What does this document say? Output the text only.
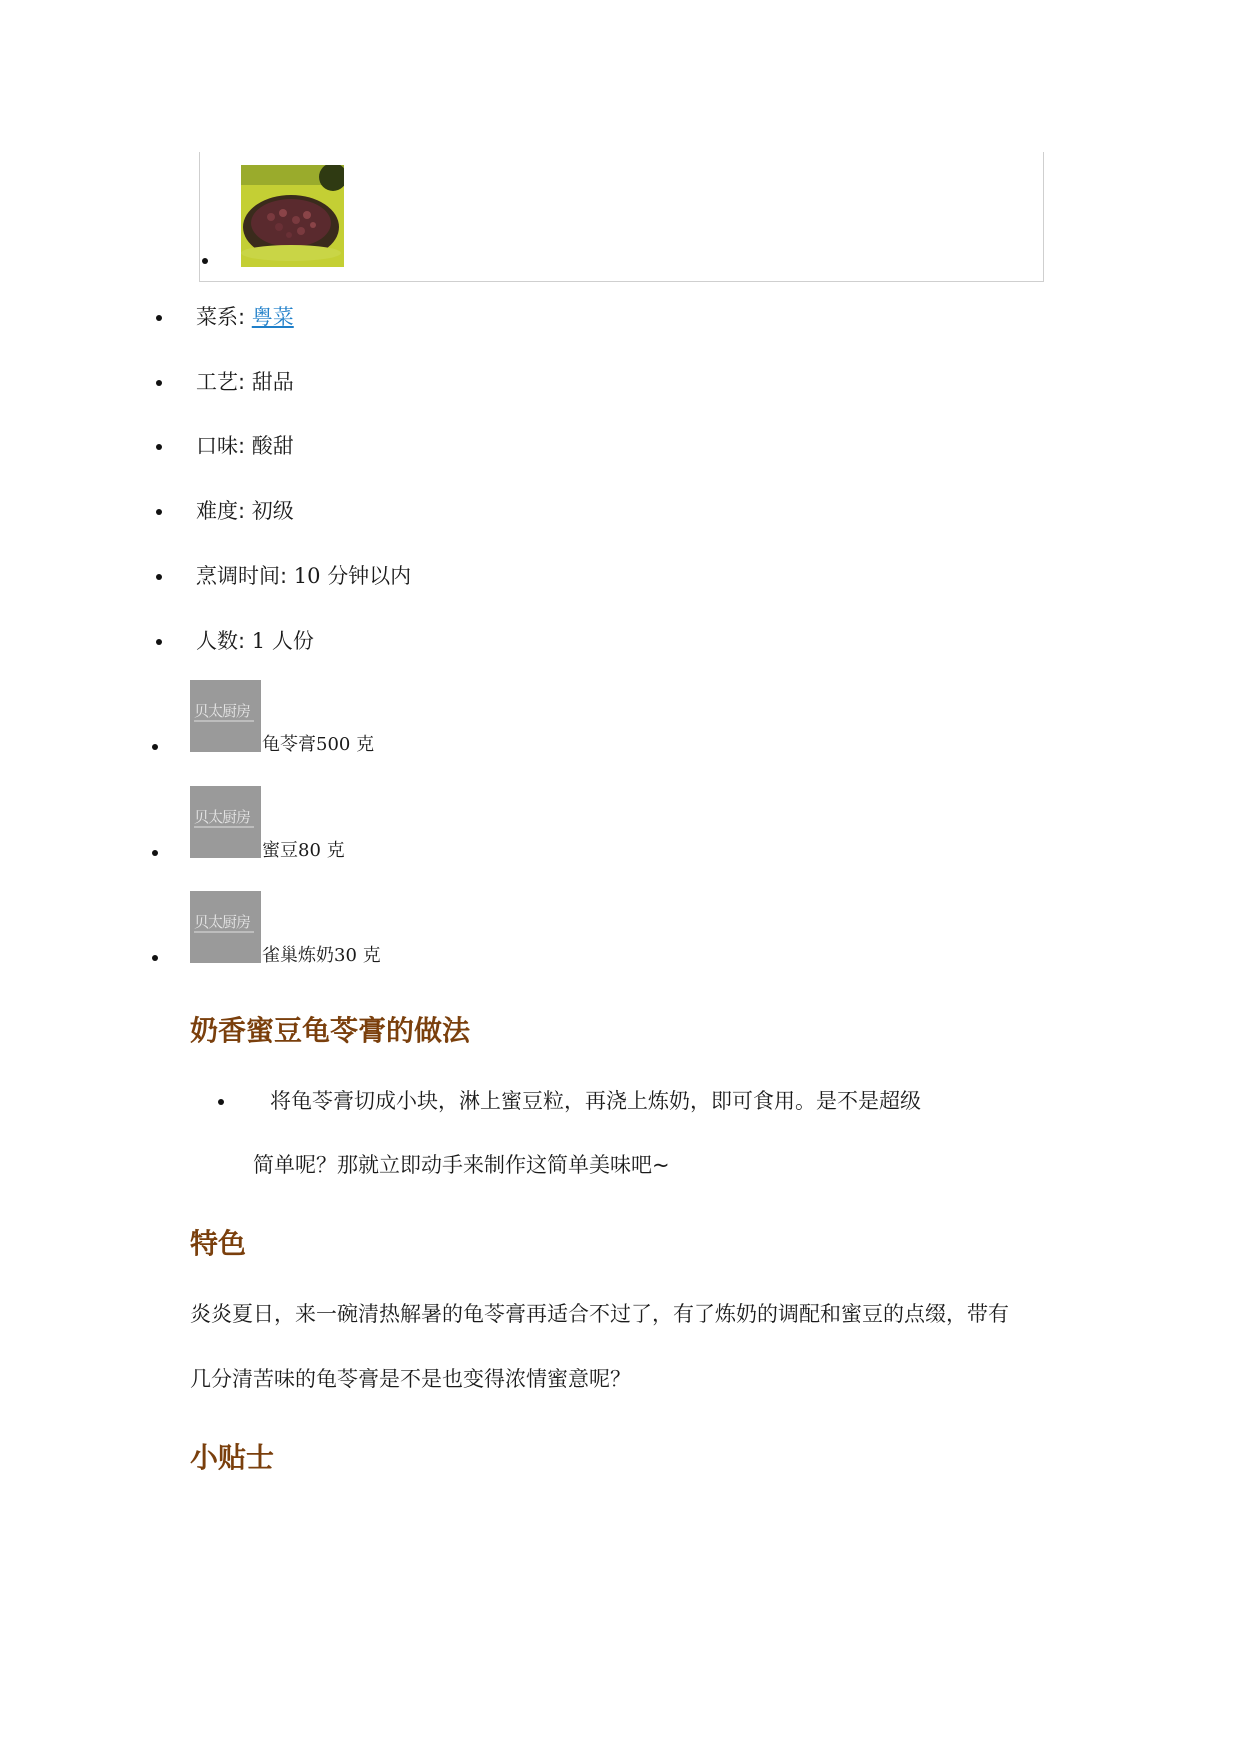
菜系: 粤菜
工艺: 甜品
口味: 酸甜
难度: 初级
烹调时间: 10 分钟以内
人数: 1 人份
贝太厨房
龟苓膏500 克
贝太厨房
蜜豆80 克
贝太厨房
雀巢炼奶30 克
奶香蜜豆龟苓膏的做法
将龟苓膏切成小块，淋上蜜豆粒，再浇上炼奶，即可食用。是不是超级
简单呢？那就立即动手来制作这简单美味吧~
特色
炎炎夏日，来一碗清热解暑的龟苓膏再适合不过了，有了炼奶的调配和蜜豆的点缀，带有
几分清苦味的龟苓膏是不是也变得浓情蜜意呢？
小贴士
